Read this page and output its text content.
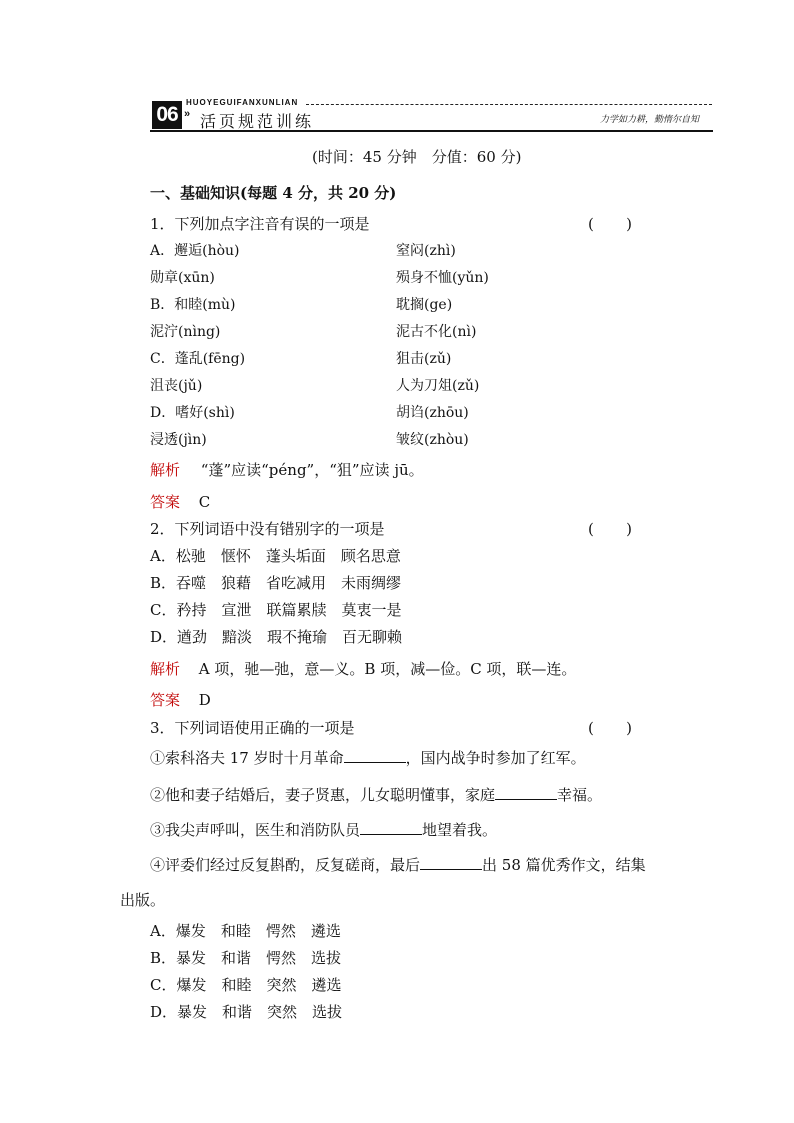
06
HUOYEGUIFANXUNLIAN
» 活页规范训练	力学如力耕，勤惰尔自知
(时间：45 分钟　分值：60 分)
一、基础知识(每题 4 分，共 20 分)
1．下列加点字注音有误的一项是	( )
A．邂逅(hòu)	窒闷(zhì)
勋章(xūn)	殒身不恤(yǔn)
B．和睦(mù)	耽搁(ge)
泥泞(nìng)	泥古不化(nì)
C．蓬乱(fēng)	狙击(zǔ)
沮丧(jǔ)	人为刀俎(zǔ)
D．嗜好(shì)	胡诌(zhōu)
浸透(jìn)	皱纹(zhòu)
解析 “蓬”应读“péng”，“狙”应读 jū。
答案 C
2．下列词语中没有错别字的一项是	( )
A．松驰　惬怀　蓬头垢面　顾名思意
B．吞噬　狼藉　省吃减用　未雨绸缪
C．矜持　宣泄　联篇累牍　莫衷一是
D．遒劲　黯淡　瑕不掩瑜　百无聊赖
解析 A 项，驰—弛，意—义。B 项，减—俭。C 项，联—连。
答案 D
3．下列词语使用正确的一项是	( )
①索科洛夫 17 岁时十月革命	，国内战争时参加了红军。
②他和妻子结婚后，妻子贤惠，儿女聪明懂事，家庭	幸福。
③我尖声呼叫，医生和消防队员	地望着我。
④评委们经过反复斟酌，反复磋商，最后	出 58 篇优秀作文，结集
出版。
A．爆发　和睦　愕然　遴选
B．暴发　和谐　愕然　选拔
C．爆发　和睦　突然　遴选
D．暴发　和谐　突然　选拔
